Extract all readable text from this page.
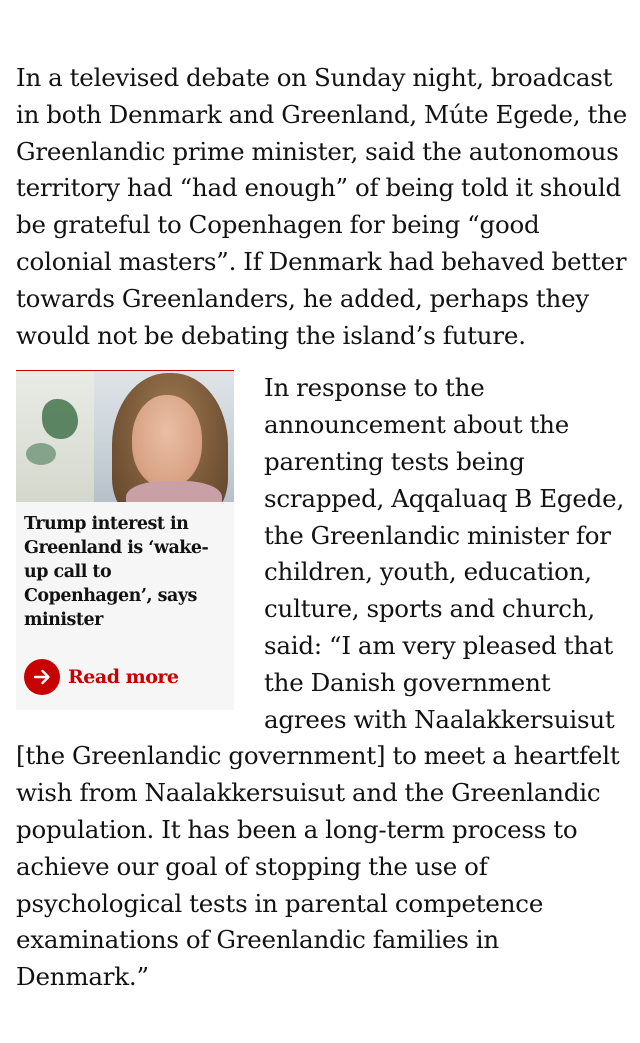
In a televised debate on Sunday night, broadcast in both Denmark and Greenland, Múte Egede, the Greenlandic prime minister, said the autonomous territory had “had enough” of being told it should be grateful to Copenhagen for being “good colonial masters”. If Denmark had behaved better towards Greenlanders, he added, perhaps they would not be debating the island’s future.

Trump interest in Greenland is ‘wake-up call to Copenhagen’, says minister
Read more

In response to the announcement about the parenting tests being scrapped, Aqqaluaq B Egede, the Greenlandic minister for children, youth, education, culture, sports and church, said: “I am very pleased that the Danish government agrees with Naalakkersuisut [the Greenlandic government] to meet a heartfelt wish from Naalakkersuisut and the Greenlandic population. It has been a long-term process to achieve our goal of stopping the use of psychological tests in parental competence examinations of Greenlandic families in Denmark.”
